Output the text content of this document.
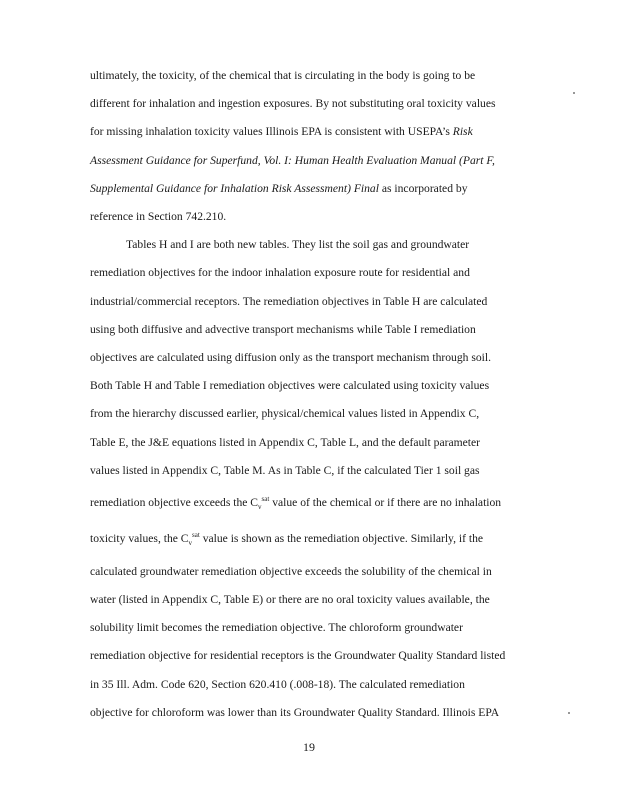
ultimately, the toxicity, of the chemical that is circulating in the body is going to be
different for inhalation and ingestion exposures. By not substituting oral toxicity values
for missing inhalation toxicity values Illinois EPA is consistent with USEPA’s Risk
Assessment Guidance for Superfund, Vol. I: Human Health Evaluation Manual (Part F,
Supplemental Guidance for Inhalation Risk Assessment) Final as incorporated by
reference in Section 742.210.

Tables H and I are both new tables. They list the soil gas and groundwater
remediation objectives for the indoor inhalation exposure route for residential and
industrial/commercial receptors. The remediation objectives in Table H are calculated
using both diffusive and advective transport mechanisms while Table I remediation
objectives are calculated using diffusion only as the transport mechanism through soil.
Both Table H and Table I remediation objectives were calculated using toxicity values
from the hierarchy discussed earlier, physical/chemical values listed in Appendix C,
Table E, the J&E equations listed in Appendix C, Table L, and the default parameter
values listed in Appendix C, Table M. As in Table C, if the calculated Tier 1 soil gas
remediation objective exceeds the $C_v^{sat}$ value of the chemical or if there are no inhalation
toxicity values, the $C_v^{sat}$ value is shown as the remediation objective. Similarly, if the
calculated groundwater remediation objective exceeds the solubility of the chemical in
water (listed in Appendix C, Table E) or there are no oral toxicity values available, the
solubility limit becomes the remediation objective. The chloroform groundwater
remediation objective for residential receptors is the Groundwater Quality Standard listed
in 35 Ill. Adm. Code 620, Section 620.410 (.008-18). The calculated remediation
objective for chloroform was lower than its Groundwater Quality Standard. Illinois EPA

19
